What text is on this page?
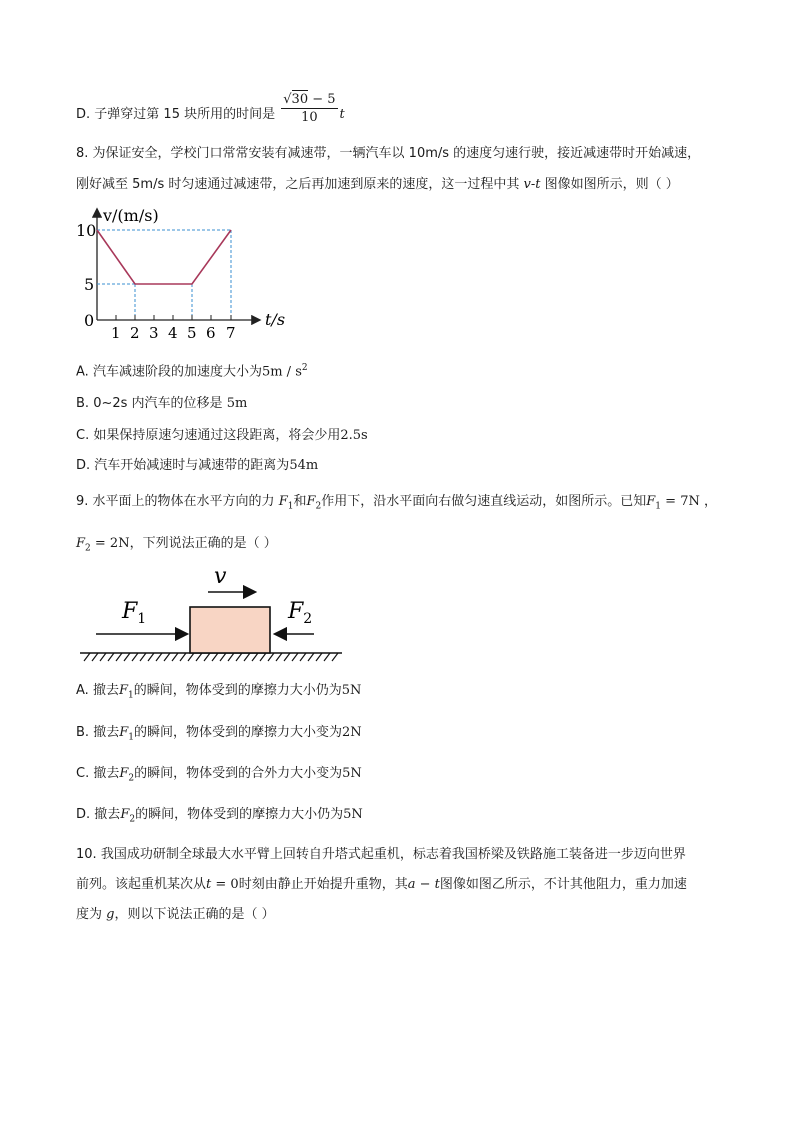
D. 子弹穿过第 15 块所用的时间是 $\frac{√30 - 5}{10}$ t
8. 为保证安全，学校门口常常安装有减速带，一辆汽车以 10m/s 的速度匀速行驶，接近减速带时开始减速，
刚好减至 5m/s 时匀速通过减速带，之后再加速到原来的速度，这一过程中其 v-t 图像如图所示，则（ ）
v/(m/s)
t/s
10
5
0
1 2 3 4 5 6 7
A. 汽车减速阶段的加速度大小为$5m / s^2$
B. 0~2s 内汽车的位移是 5m
C. 如果保持原速匀速通过这段距离，将会少用2.5s
D. 汽车开始减速时与减速带的距离为54m
9. 水平面上的物体在水平方向的力 $F_1$和$F_2$作用下，沿水平面向右做匀速直线运动，如图所示。已知$F_1 = 7N$ ，
$F_2 = 2N$，下列说法正确的是（ ）
v
$F_1$	$F_2$
A. 撤去$F_1$的瞬间，物体受到的摩擦力大小仍为5N
B. 撤去$F_1$的瞬间，物体受到的摩擦力大小变为2N
C. 撤去$F_2$的瞬间，物体受到的合外力大小变为5N
D. 撤去$F_2$的瞬间，物体受到的摩擦力大小仍为5N
10. 我国成功研制全球最大水平臂上回转自升塔式起重机，标志着我国桥梁及铁路施工装备进一步迈向世界
前列。该起重机某次从t = 0时刻由静止开始提升重物，其a − t图像如图乙所示，不计其他阻力，重力加速
度为 g，则以下说法正确的是（ ）
